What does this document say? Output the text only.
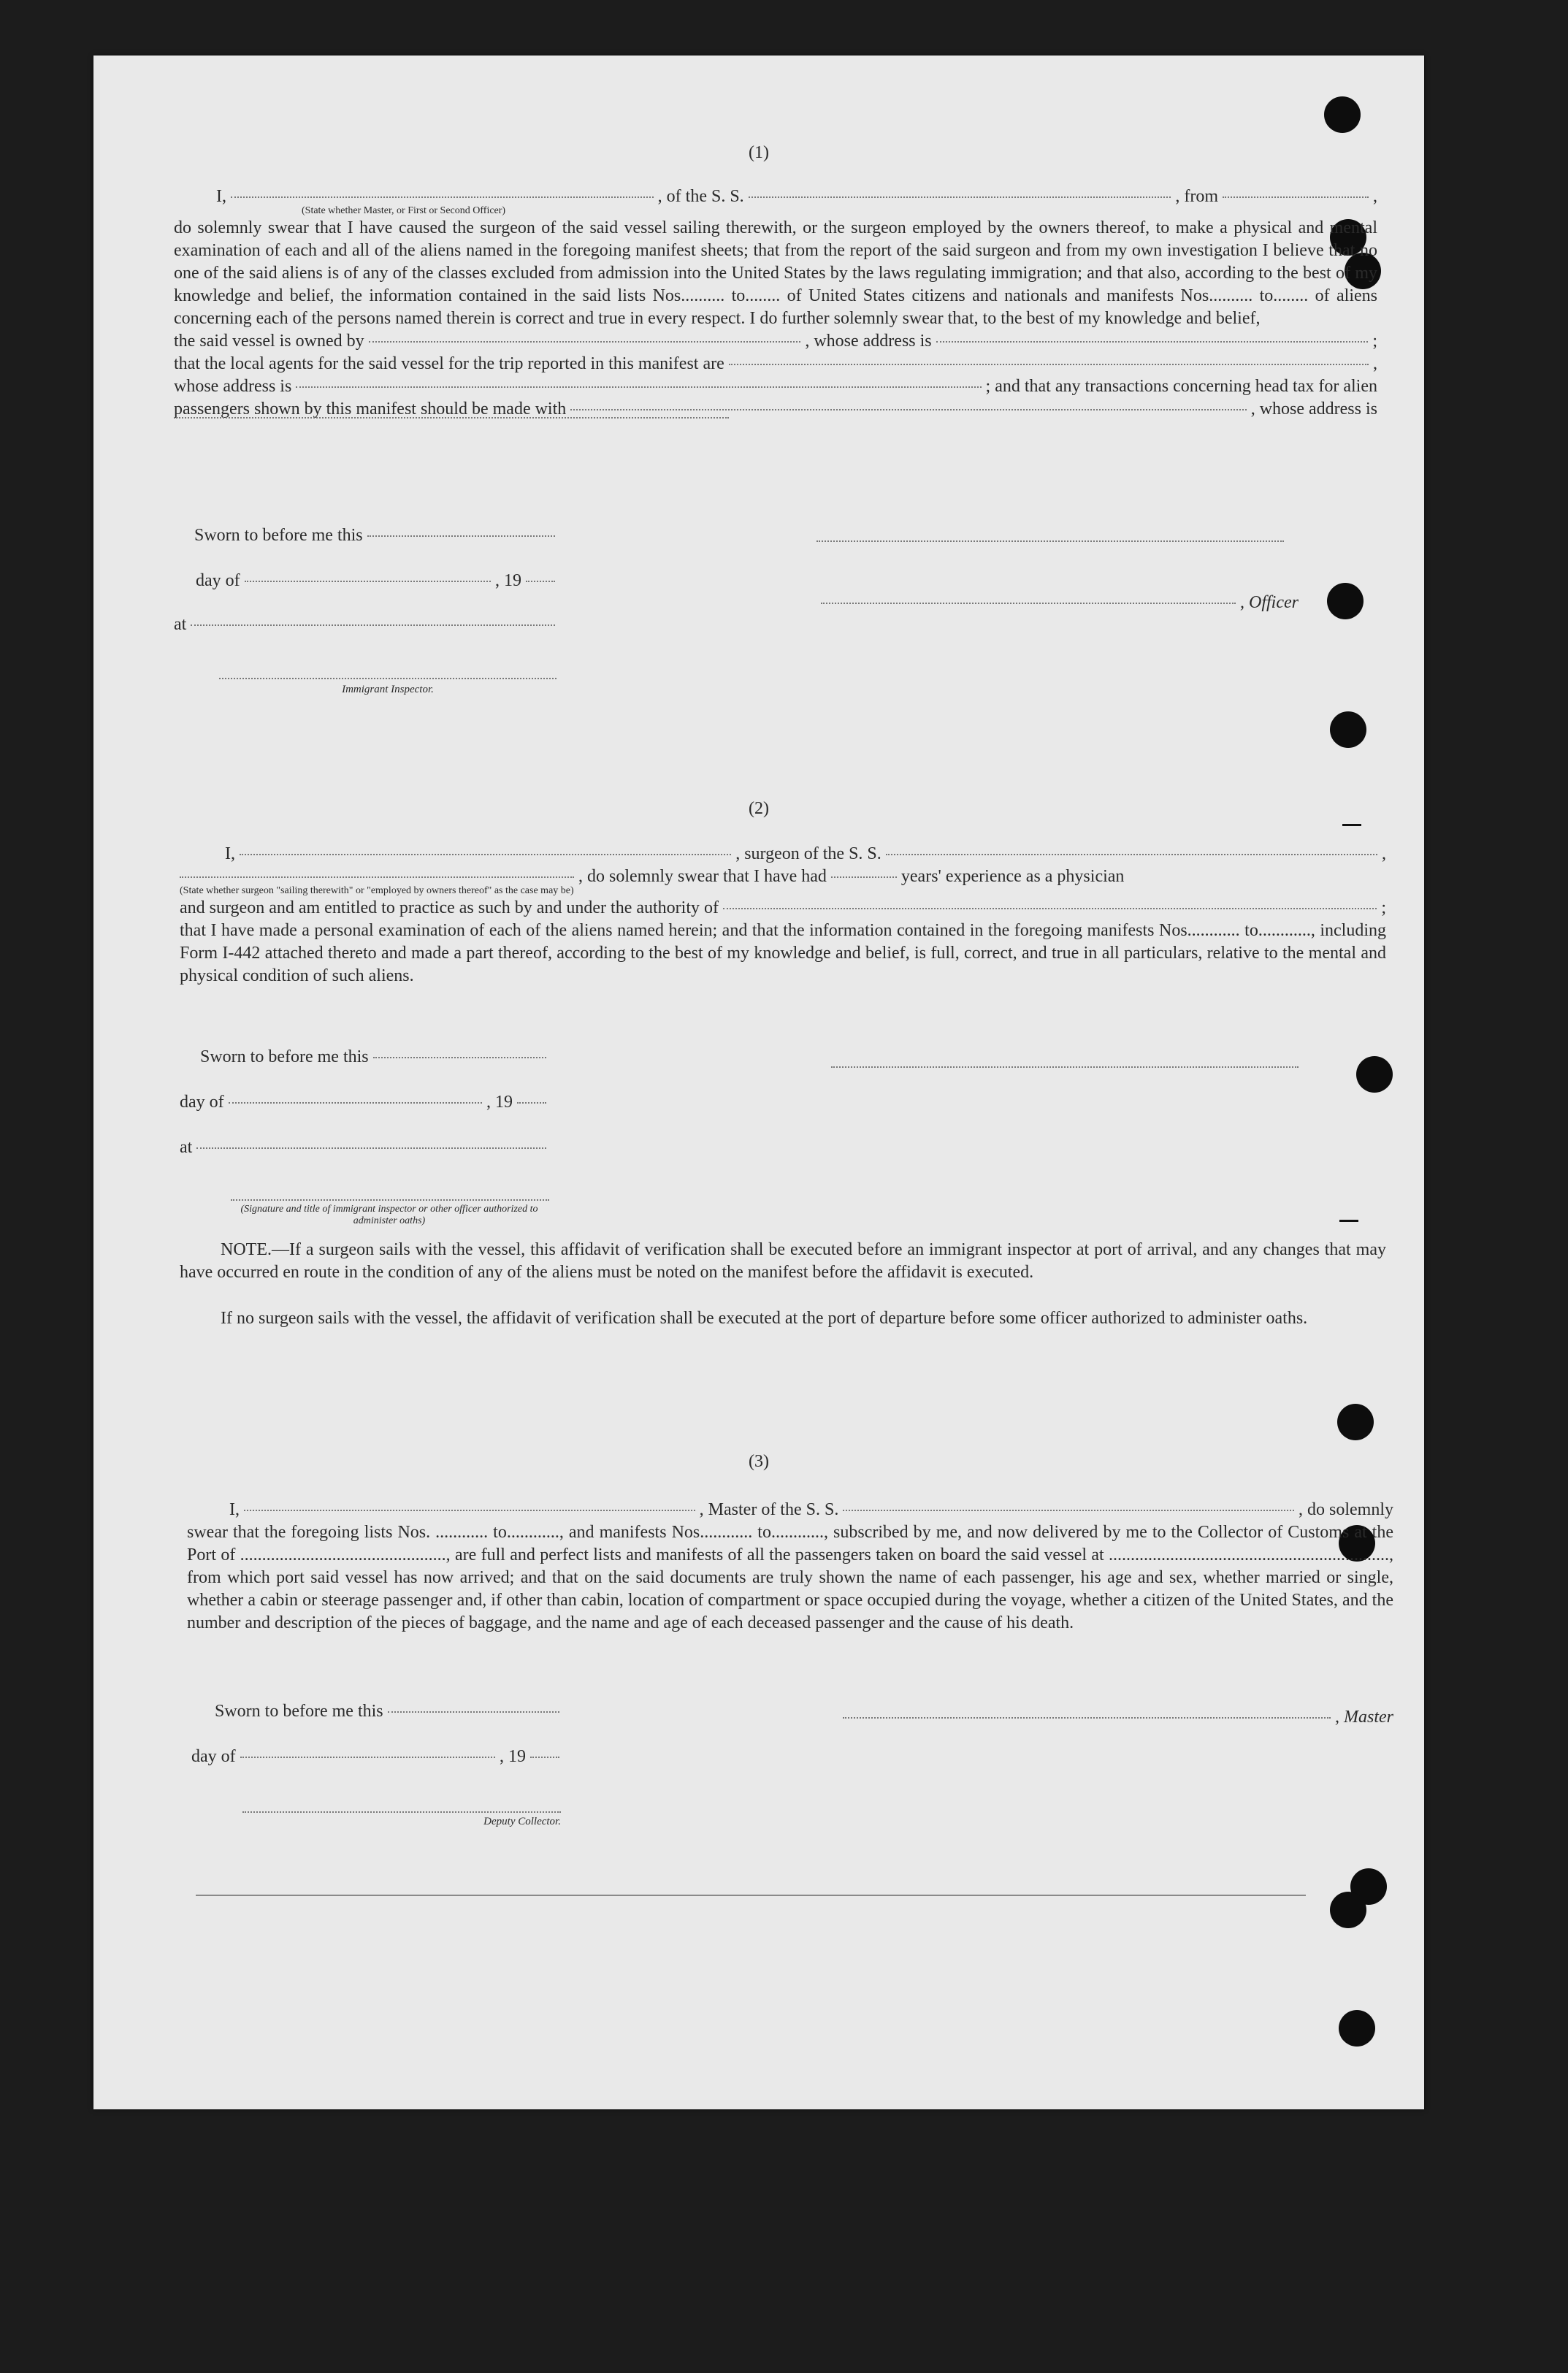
(1)
I,	, of the S. S.	, from	,
(State whether Master, or First or Second Officer)
do solemnly swear that I have caused the surgeon of the said vessel sailing therewith, or the surgeon employed by the owners thereof, to make a physical and mental examination of each and all of the aliens named in the foregoing manifest sheets; that from the report of the said surgeon and from my own investigation I believe that no one of the said aliens is of any of the classes excluded from admission into the United States by the laws regulating immigration; and that also, according to the best of my knowledge and belief, the information contained in the said lists Nos.......... to........ of United States citizens and nationals and manifests Nos.......... to........ of aliens concerning each of the persons named therein is correct and true in every respect. I do further solemnly swear that, to the best of my knowledge and belief,
the said vessel is owned by	, whose address is	;
that the local agents for the said vessel for the trip reported in this manifest are	,
whose address is	; and that any transactions concerning head tax for alien
passengers shown by this manifest should be made with	, whose address is
Sworn to before me this
day of	, 19
at
Immigrant Inspector.
, Officer
(2)
I,	, surgeon of the S. S.	,
, do solemnly swear that I have had	years' experience as a physician
(State whether surgeon "sailing therewith" or "employed by owners thereof" as the case may be)
and surgeon and am entitled to practice as such by and under the authority of	;
that I have made a personal examination of each of the aliens named herein; and that the information contained in the foregoing manifests Nos............ to............, including Form I-442 attached thereto and made a part thereof, according to the best of my knowledge and belief, is full, correct, and true in all particulars, relative to the mental and physical condition of such aliens.
Sworn to before me this
day of	, 19
at
(Signature and title of immigrant inspector or other officer authorized to administer oaths)
NOTE.—If a surgeon sails with the vessel, this affidavit of verification shall be executed before an immigrant inspector at port of arrival, and any changes that may have occurred en route in the condition of any of the aliens must be noted on the manifest before the affidavit is executed.
If no surgeon sails with the vessel, the affidavit of verification shall be executed at the port of departure before some officer authorized to administer oaths.
(3)
I,	, Master of the S. S.	, do solemnly
swear that the foregoing lists Nos. ............ to............, and manifests Nos............ to............, subscribed by me, and now delivered by me to the Collector of Customs at the Port of ..............................................., are full and perfect lists and manifests of all the passengers taken on board the said vessel at ................................................................, from which port said vessel has now arrived; and that on the said documents are truly shown the name of each passenger, his age and sex, whether married or single, whether a cabin or steerage passenger and, if other than cabin, location of compartment or space occupied during the voyage, whether a citizen of the United States, and the number and description of the pieces of baggage, and the name and age of each deceased passenger and the cause of his death.
Sworn to before me this
day of	, 19
Deputy Collector.
, Master
